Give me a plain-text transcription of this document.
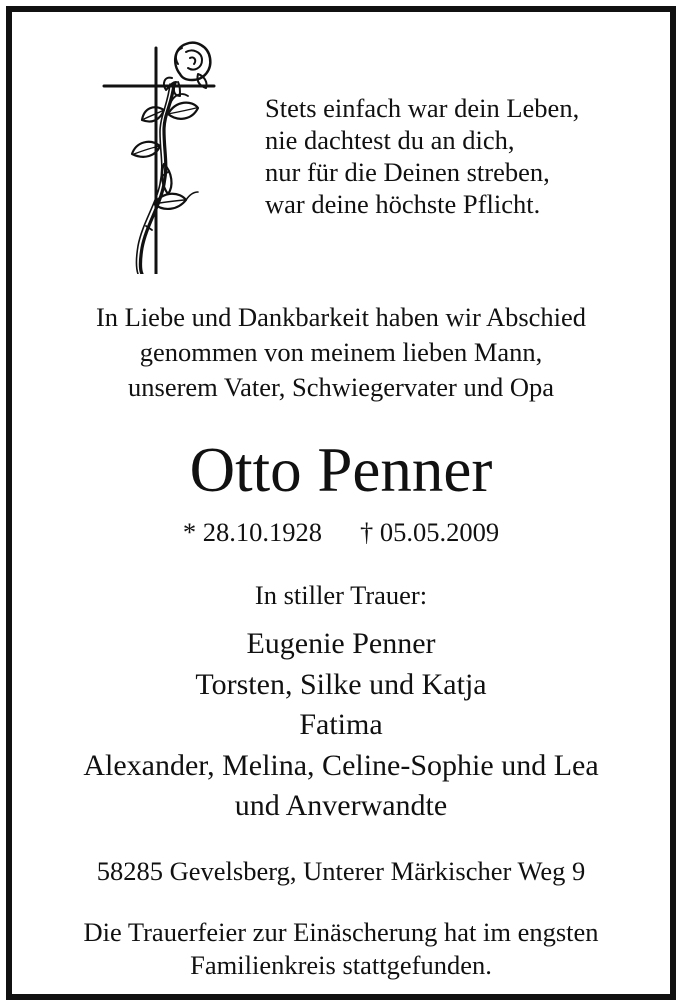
Stets einfach war dein Leben,
nie dachtest du an dich,
nur für die Deinen streben,
war deine höchste Pflicht.
In Liebe und Dankbarkeit haben wir Abschied
genommen von meinem lieben Mann,
unserem Vater, Schwiegervater und Opa
Otto Penner
* 28.10.1928 † 05.05.2009
In stiller Trauer:
Eugenie Penner
Torsten, Silke und Katja
Fatima
Alexander, Melina, Celine-Sophie und Lea
und Anverwandte
58285 Gevelsberg, Unterer Märkischer Weg 9
Die Trauerfeier zur Einäscherung hat im engsten
Familienkreis stattgefunden.
